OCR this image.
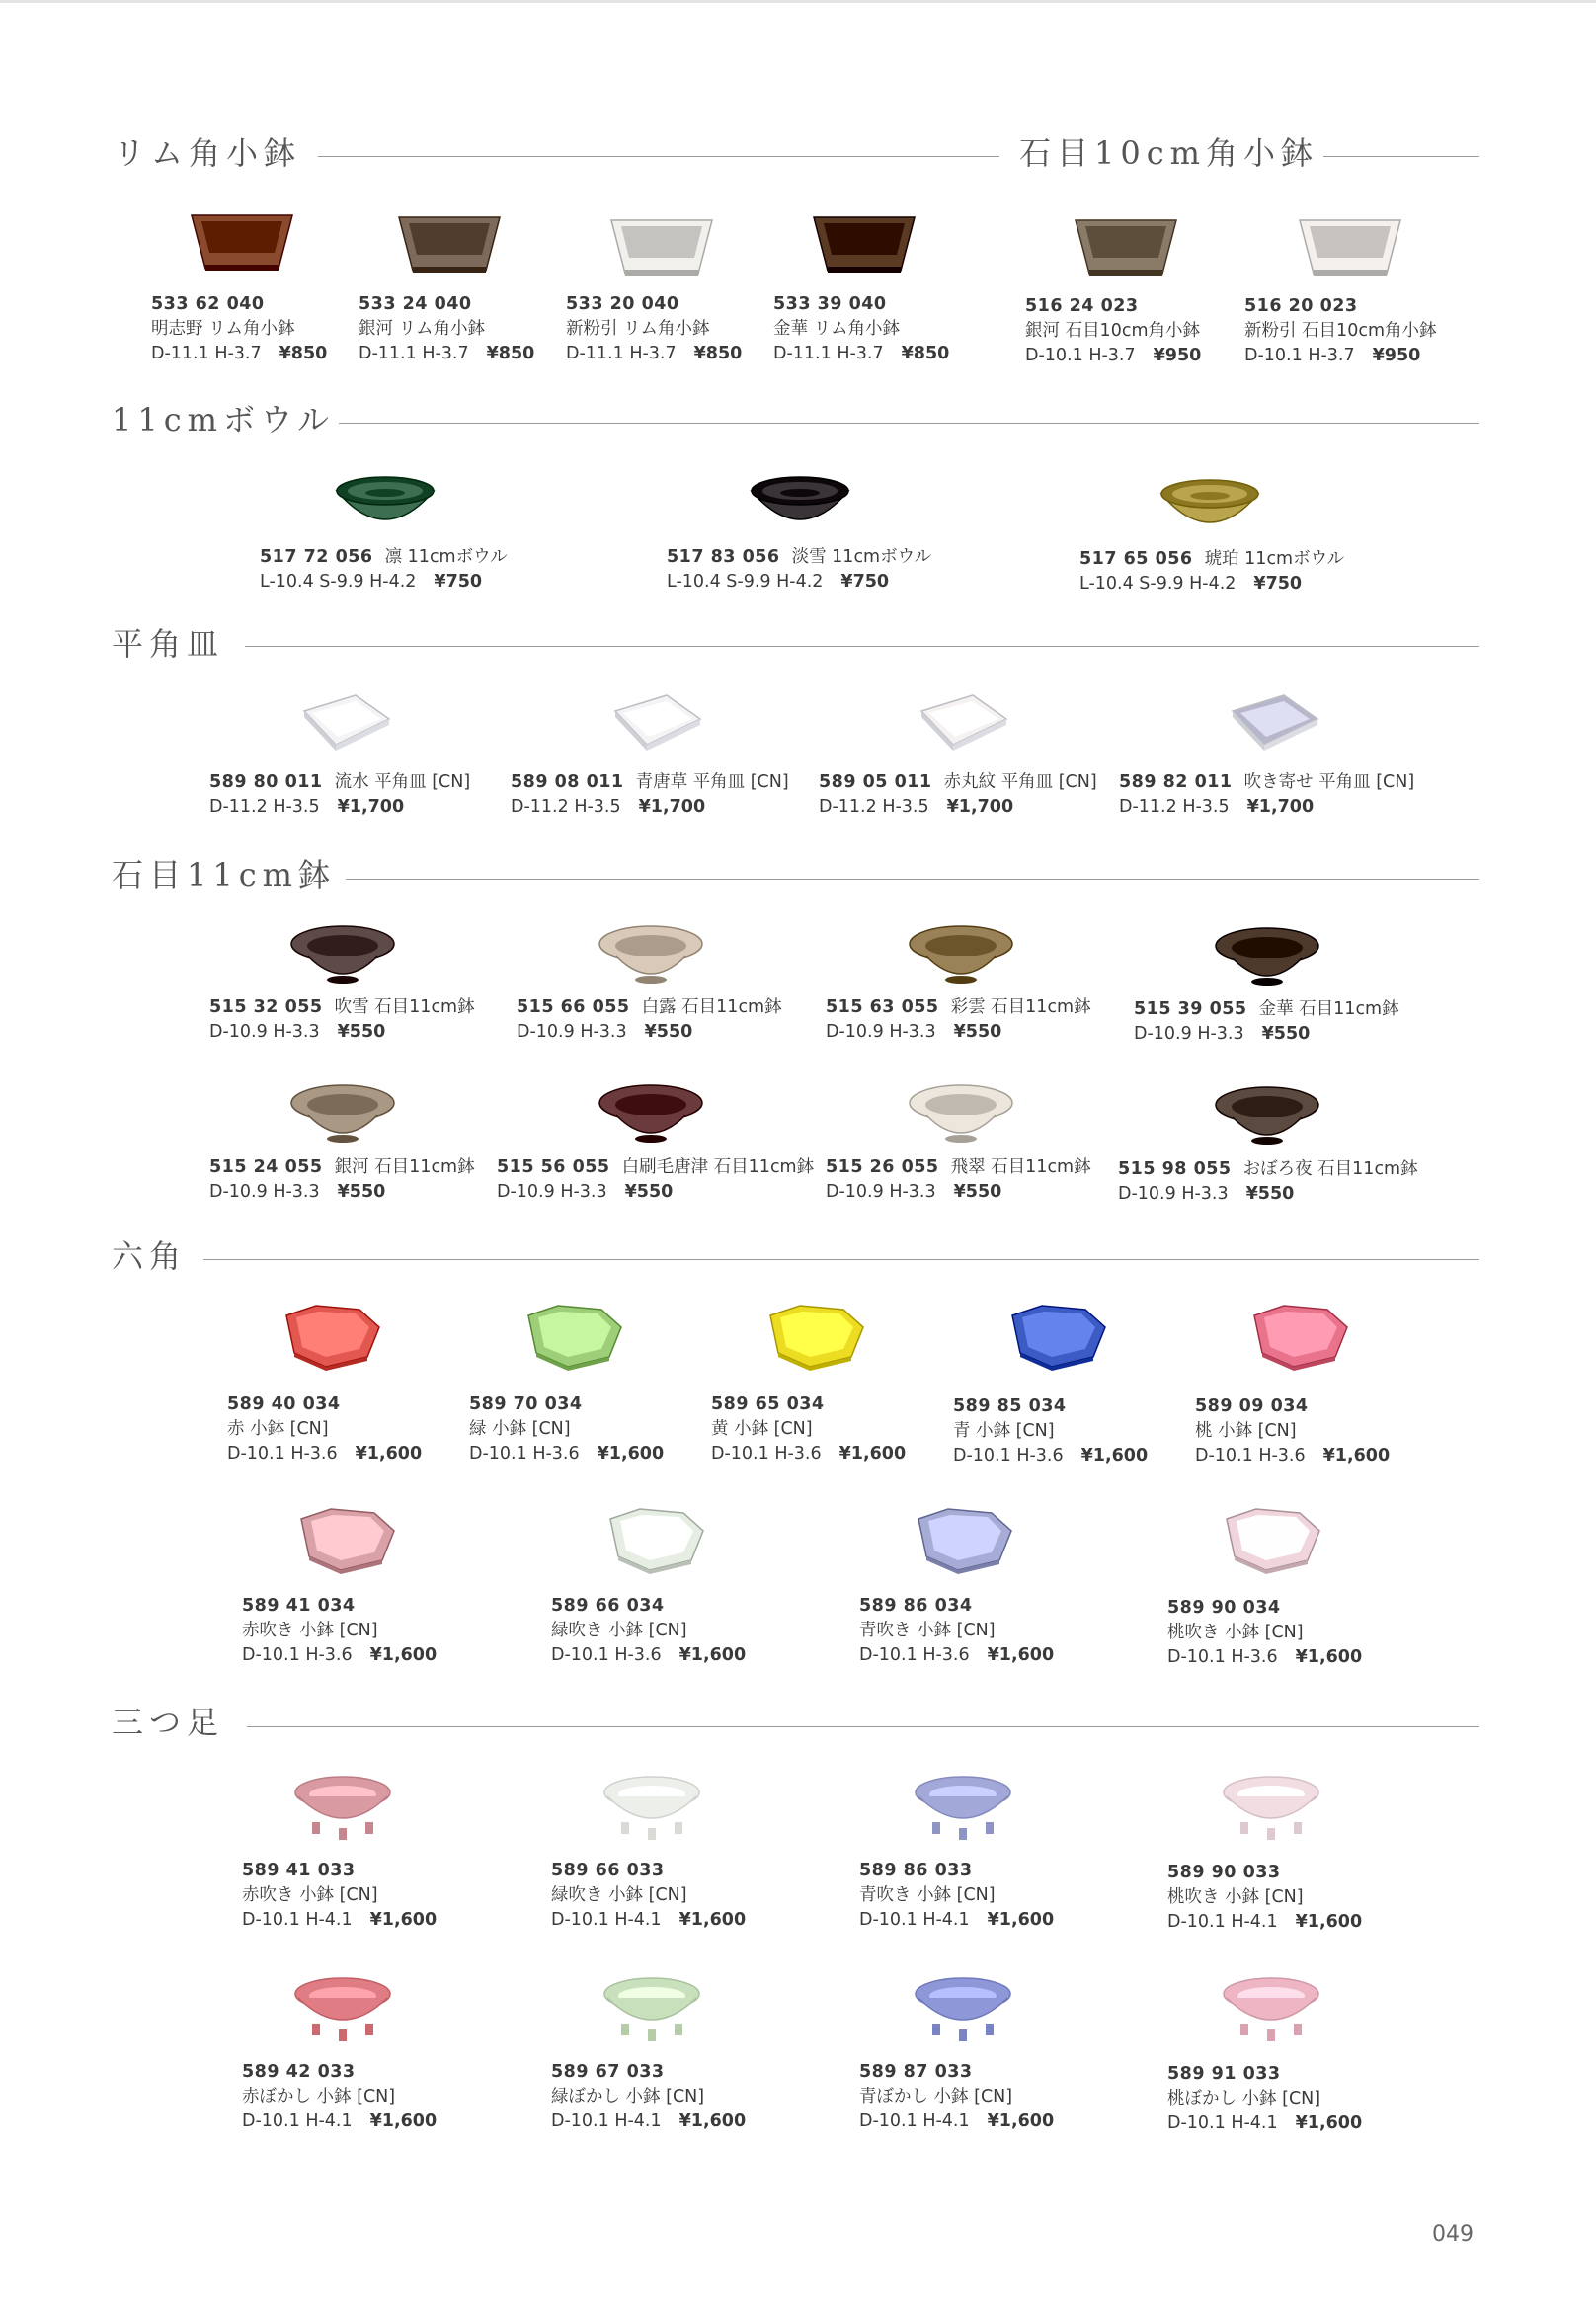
リム角小鉢	石目10cm角小鉢
11cmボウル
平角皿
石目11cm鉢
六角
三つ足
533 62 040
明志野 リム角小鉢
D-11.1 H-3.7 ¥850
533 24 040
銀河 リム角小鉢
D-11.1 H-3.7 ¥850
533 20 040
新粉引 リム角小鉢
D-11.1 H-3.7 ¥850
533 39 040
金華 リム角小鉢
D-11.1 H-3.7 ¥850
516 24 023
銀河 石目10cm角小鉢
D-10.1 H-3.7 ¥950
516 20 023
新粉引 石目10cm角小鉢
D-10.1 H-3.7 ¥950
517 72 056 凛 11cmボウル
L-10.4 S-9.9 H-4.2 ¥750
517 83 056 淡雪 11cmボウル
L-10.4 S-9.9 H-4.2 ¥750
517 65 056 琥珀 11cmボウル
L-10.4 S-9.9 H-4.2 ¥750
589 80 011 流水 平角皿 [CN]
D-11.2 H-3.5 ¥1,700
589 08 011 青唐草 平角皿 [CN]
D-11.2 H-3.5 ¥1,700
589 05 011 赤丸紋 平角皿 [CN]
D-11.2 H-3.5 ¥1,700
589 82 011 吹き寄せ 平角皿 [CN]
D-11.2 H-3.5 ¥1,700
515 32 055 吹雪 石目11cm鉢
D-10.9 H-3.3 ¥550
515 66 055 白露 石目11cm鉢
D-10.9 H-3.3 ¥550
515 63 055 彩雲 石目11cm鉢
D-10.9 H-3.3 ¥550
515 39 055 金華 石目11cm鉢
D-10.9 H-3.3 ¥550
515 24 055 銀河 石目11cm鉢
D-10.9 H-3.3 ¥550
515 56 055 白刷毛唐津 石目11cm鉢
D-10.9 H-3.3 ¥550
515 26 055 飛翠 石目11cm鉢
D-10.9 H-3.3 ¥550
515 98 055 おぼろ夜 石目11cm鉢
D-10.9 H-3.3 ¥550
589 40 034
赤 小鉢 [CN]
D-10.1 H-3.6 ¥1,600
589 70 034
緑 小鉢 [CN]
D-10.1 H-3.6 ¥1,600
589 65 034
黄 小鉢 [CN]
D-10.1 H-3.6 ¥1,600
589 85 034
青 小鉢 [CN]
D-10.1 H-3.6 ¥1,600
589 09 034
桃 小鉢 [CN]
D-10.1 H-3.6 ¥1,600
589 41 034
赤吹き 小鉢 [CN]
D-10.1 H-3.6 ¥1,600
589 66 034
緑吹き 小鉢 [CN]
D-10.1 H-3.6 ¥1,600
589 86 034
青吹き 小鉢 [CN]
D-10.1 H-3.6 ¥1,600
589 90 034
桃吹き 小鉢 [CN]
D-10.1 H-3.6 ¥1,600
589 41 033
赤吹き 小鉢 [CN]
D-10.1 H-4.1 ¥1,600
589 66 033
緑吹き 小鉢 [CN]
D-10.1 H-4.1 ¥1,600
589 86 033
青吹き 小鉢 [CN]
D-10.1 H-4.1 ¥1,600
589 90 033
桃吹き 小鉢 [CN]
D-10.1 H-4.1 ¥1,600
589 42 033
赤ぼかし 小鉢 [CN]
D-10.1 H-4.1 ¥1,600
589 67 033
緑ぼかし 小鉢 [CN]
D-10.1 H-4.1 ¥1,600
589 87 033
青ぼかし 小鉢 [CN]
D-10.1 H-4.1 ¥1,600
589 91 033
桃ぼかし 小鉢 [CN]
D-10.1 H-4.1 ¥1,600
049
